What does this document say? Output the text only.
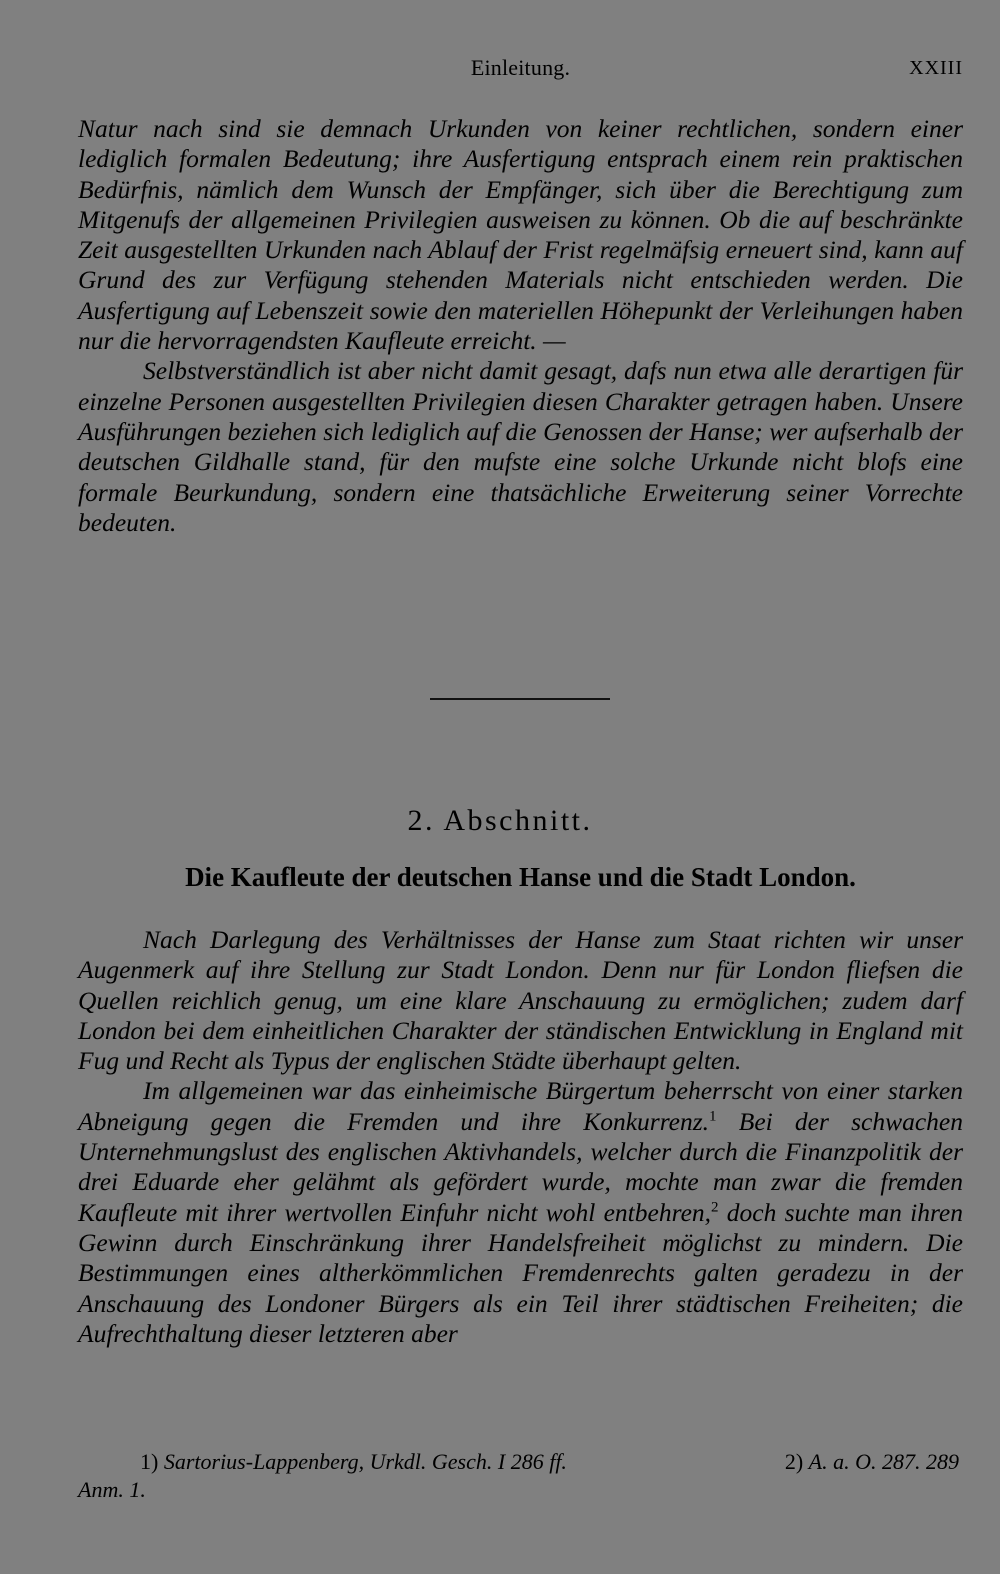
Einleitung.	XXIII

Natur nach sind sie demnach Urkunden von keiner rechtlichen, sondern einer lediglich formalen Bedeutung; ihre Ausfertigung entsprach einem rein praktischen Bedürfnis, nämlich dem Wunsch der Empfänger, sich über die Berechtigung zum Mitgenufs der allgemeinen Privilegien ausweisen zu können. Ob die auf beschränkte Zeit ausgestellten Urkunden nach Ablauf der Frist regelmäfsig erneuert sind, kann auf Grund des zur Verfügung stehenden Materials nicht entschieden werden. Die Ausfertigung auf Lebenszeit sowie den materiellen Höhepunkt der Verleihungen haben nur die hervorragendsten Kaufleute erreicht. —

Selbstverständlich ist aber nicht damit gesagt, dafs nun etwa alle derartigen für einzelne Personen ausgestellten Privilegien diesen Charakter getragen haben. Unsere Ausführungen beziehen sich lediglich auf die Genossen der Hanse; wer aufserhalb der deutschen Gildhalle stand, für den mufste eine solche Urkunde nicht blofs eine formale Beurkundung, sondern eine thatsächliche Erweiterung seiner Vorrechte bedeuten.

2. Abschnitt.
Die Kaufleute der deutschen Hanse und die Stadt London.

Nach Darlegung des Verhältnisses der Hanse zum Staat richten wir unser Augenmerk auf ihre Stellung zur Stadt London. Denn nur für London fliefsen die Quellen reichlich genug, um eine klare Anschauung zu ermöglichen; zudem darf London bei dem einheitlichen Charakter der ständischen Entwicklung in England mit Fug und Recht als Typus der englischen Städte überhaupt gelten.

Im allgemeinen war das einheimische Bürgertum beherrscht von einer starken Abneigung gegen die Fremden und ihre Konkurrenz.$^1$ Bei der schwachen Unternehmungslust des englischen Aktivhandels, welcher durch die Finanzpolitik der drei Eduarde eher gelähmt als gefördert wurde, mochte man zwar die fremden Kaufleute mit ihrer wertvollen Einfuhr nicht wohl entbehren,$^2$ doch suchte man ihren Gewinn durch Einschränkung ihrer Handelsfreiheit möglichst zu mindern. Die Bestimmungen eines altherkömmlichen Fremdenrechts galten geradezu in der Anschauung des Londoner Bürgers als ein Teil ihrer städtischen Freiheiten; die Aufrechthaltung dieser letzteren aber

1) Sartorius-Lappenberg, Urkdl. Gesch. I 286 ff.	2) A. a. O. 287. 289
Anm. 1.
